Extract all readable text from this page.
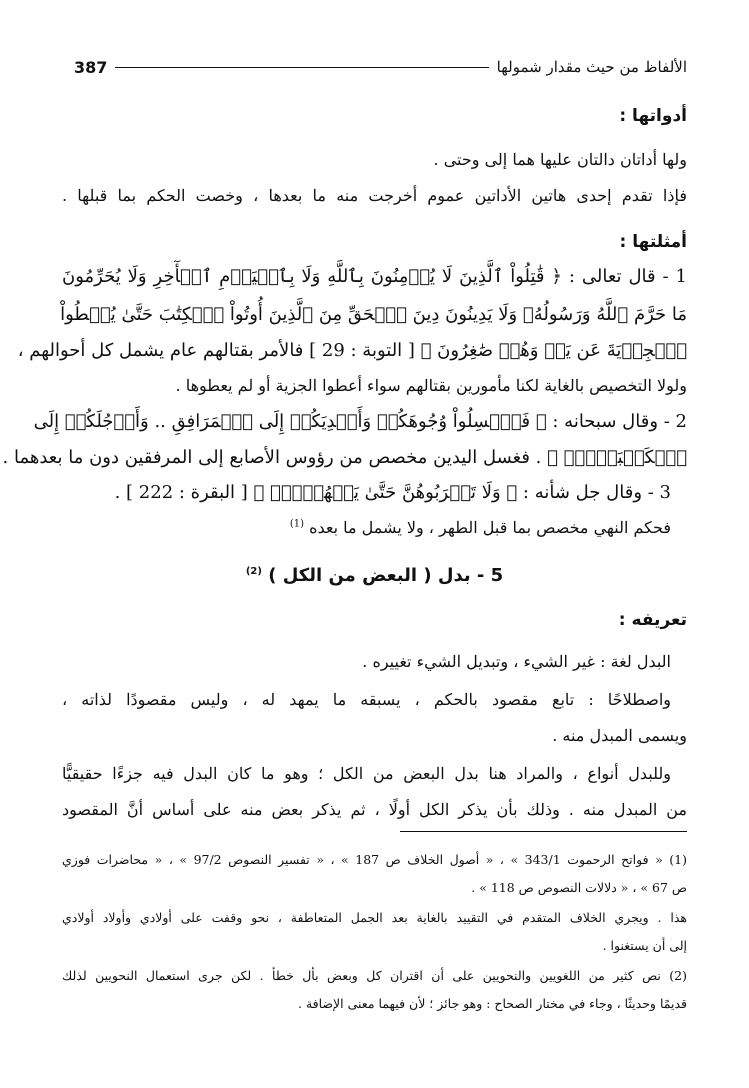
الألفاظ من حيث مقدار شمولها
387
أدواتها :
ولها أداتان دالتان عليها هما إلى وحتى .
فإذا تقدم إحدى هاتين الأداتين عموم أخرجت منه ما بعدها ، وخصت الحكم بما قبلها .
أمثلتها :
1 - قال تعالى : ﴿ قَٰتِلُواْ ٱلَّذِينَ لَا يُؤۡمِنُونَ بِٱللَّهِ وَلَا بِٱلۡيَوۡمِ ٱلۡأٓخِرِ وَلَا يُحَرِّمُونَ
مَا حَرَّمَ ٱللَّهُ وَرَسُولُهُۥ وَلَا يَدِينُونَ دِينَ ٱلۡحَقِّ مِنَ ٱلَّذِينَ أُوتُواْ ٱلۡكِتَٰبَ حَتَّىٰ يُعۡطُواْ
ٱلۡجِزۡيَةَ عَن يَدٖ وَهُمۡ صَٰغِرُونَ ﴾ [ التوبة : 29 ] فالأمر بقتالهم عام يشمل كل أحوالهم ،
ولولا التخصيص بالغاية لكنا مأمورين بقتالهم سواء أعطوا الجزية أو لم يعطوها .
2 - وقال سبحانه : ﴿ فَٱغۡسِلُواْ وُجُوهَكُمۡ وَأَيۡدِيَكُمۡ إِلَى ٱلۡمَرَافِقِ .. وَأَرۡجُلَكُمۡ إِلَى
ٱلۡكَعۡبَيۡنِۚ ﴾ . فغسل اليدين مخصص من رؤوس الأصابع إلى المرفقين دون ما بعدهما .
3 - وقال جل شأنه : ﴿ وَلَا تَقۡرَبُوهُنَّ حَتَّىٰ يَطۡهُرۡنَۖ ﴾ [ البقرة : 222 ] .
فحكم النهي مخصص بما قبل الطهر ، ولا يشمل ما بعده $^{(1)}$
5 - بدل ( البعض من الكل ) $^{(2)}$
تعريفه :
البدل لغة : غير الشيء ، وتبديل الشيء تغييره .
واصطلاحًا : تابع مقصود بالحكم ، يسبقه ما يمهد له ، وليس مقصودًا لذاته ،
ويسمى المبدل منه .
وللبدل أنواع ، والمراد هنا بدل البعض من الكل ؛ وهو ما كان البدل فيه جزءًا حقيقيًّا
من المبدل منه . وذلك بأن يذكر الكل أولًا ، ثم يذكر بعض منه على أساس أنَّ المقصود
(1) « فواتح الرحموت 343/1 » ، « أصول الخلاف ص 187 » ، « تفسير النصوص 97/2 » ، « محاضرات فوزي
ص 67 » ، « دلالات النصوص ص 118 » .
هذا . ويجري الخلاف المتقدم في التقييد بالغاية بعد الجمل المتعاطفة ، نحو وقفت على أولادي وأولاد أولادي
إلى أن يستغنوا .
(2) نص كثير من اللغويين والنحويين على أن اقتران كل وبعض بأل خطأ . لكن جرى استعمال النحويين لذلك
قديمًا وحديثًا ، وجاء في مختار الصحاح : وهو جائز ؛ لأن فيهما معنى الإضافة .
